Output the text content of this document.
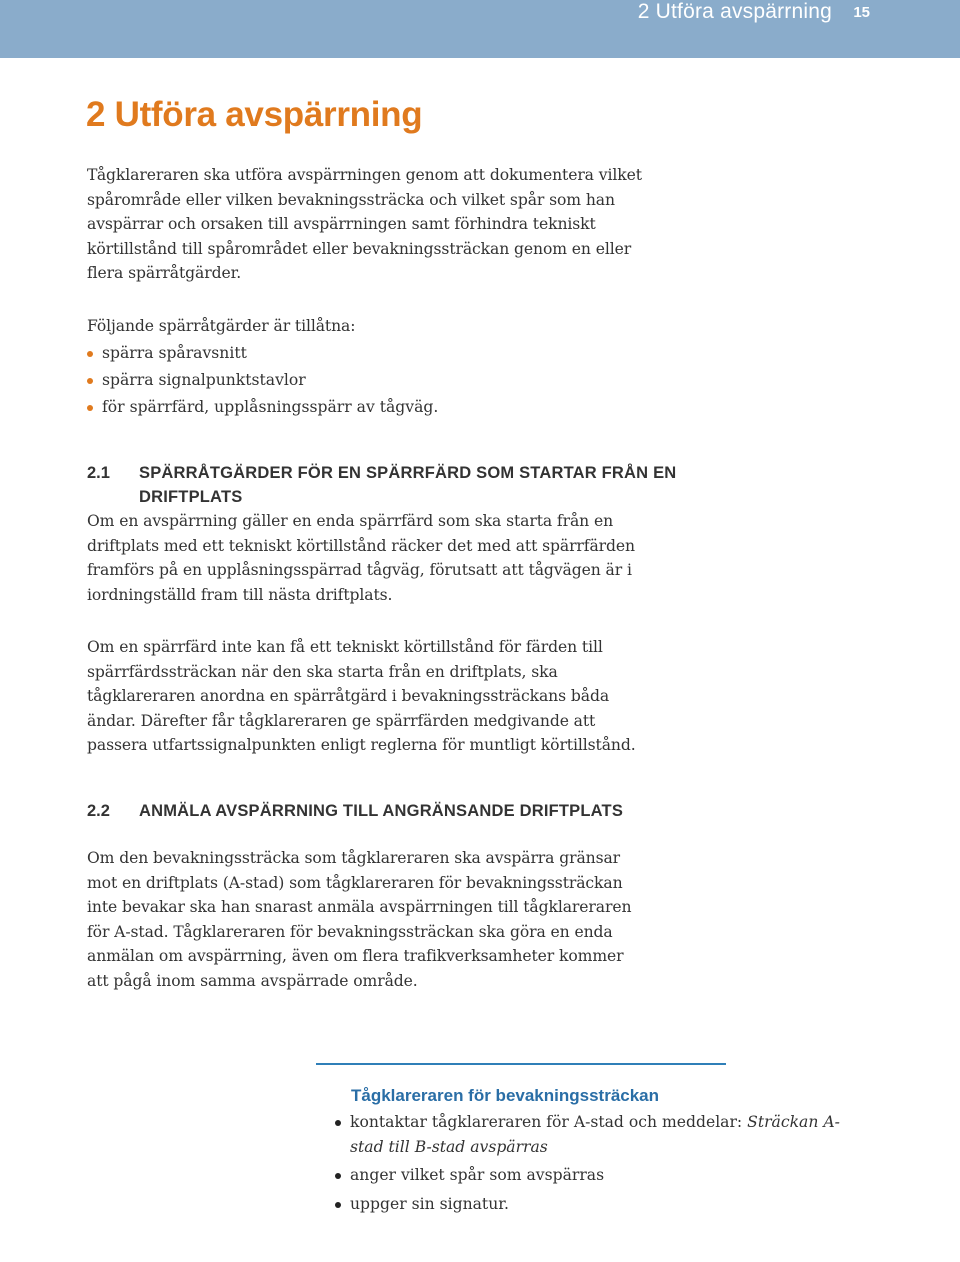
2 Utföra avspärrning 15
2 Utföra avspärrning

Tågklareraren ska utföra avspärrningen genom att dokumentera vilket spårområde eller vilken bevakningssträcka och vilket spår som han avspärrar och orsaken till avspärrningen samt förhindra tekniskt körtillstånd till spårområdet eller bevakningssträckan genom en eller flera spärråtgärder.

Följande spärråtgärder är tillåtna:

spärra spåravsnitt
spärra signalpunktstavlor
för spärrfärd, upplåsningsspärr av tågväg.
2.1	SPÄRRÅTGÄRDER FÖR EN SPÄRRFÄRD SOM STARTAR FRÅN EN DRIFTPLATS

Om en avspärrning gäller en enda spärrfärd som ska starta från en driftplats med ett tekniskt körtillstånd räcker det med att spärrfärden framförs på en upplåsningsspärrad tågväg, förutsatt att tågvägen är i iordningställd fram till nästa driftplats.

Om en spärrfärd inte kan få ett tekniskt körtillstånd för färden till spärrfärdssträckan när den ska starta från en driftplats, ska tågklareraren anordna en spärråtgärd i bevakningssträckans båda ändar. Därefter får tågklareraren ge spärrfärden medgivande att passera utfartssignalpunkten enligt reglerna för muntligt körtillstånd.

2.2	ANMÄLA AVSPÄRRNING TILL ANGRÄNSANDE DRIFTPLATS

Om den bevakningssträcka som tågklareraren ska avspärra gränsar mot en driftplats (A-stad) som tågklareraren för bevakningssträckan inte bevakar ska han snarast anmäla avspärrningen till tågklareraren för A-stad. Tågklareraren för bevakningssträckan ska göra en enda anmälan om avspärrning, även om flera trafikverksamheter kommer att pågå inom samma avspärrade område.

Tågklareraren för bevakningssträckan
kontaktar tågklareraren för A-stad och meddelar: Sträckan A-stad till B-stad avspärras
anger vilket spår som avspärras
uppger sin signatur.
